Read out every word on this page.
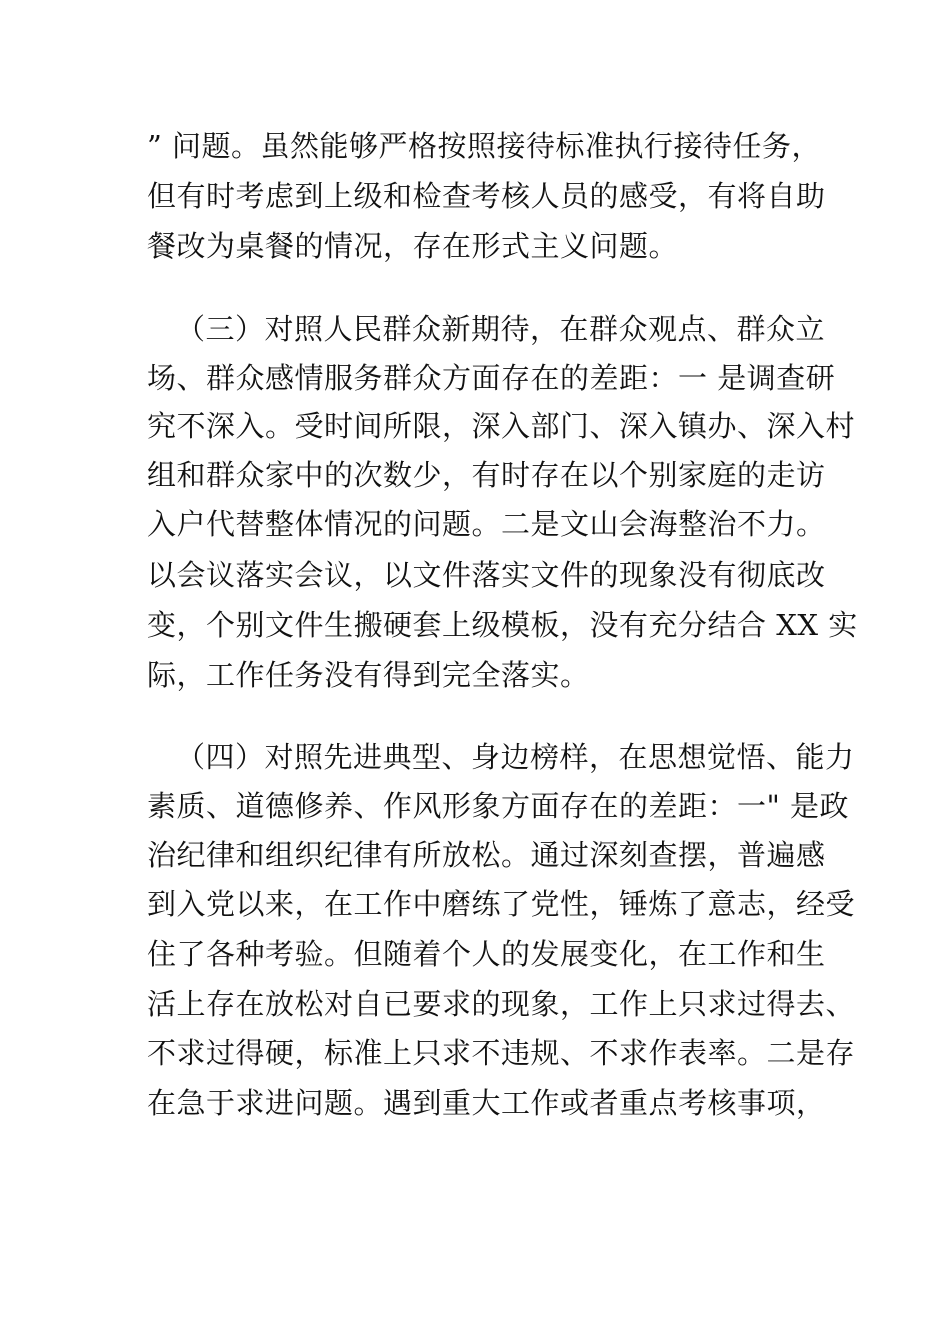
” 问题。虽然能够严格按照接待标准执行接待任务，
但有时考虑到上级和检查考核人员的感受，有将自助
餐改为桌餐的情况，存在形式主义问题。
（三）对照人民群众新期待，在群众观点、群众立
场、群众感情服务群众方面存在的差距：一 是调查研
究不深入。受时间所限，深入部门、深入镇办、深入村
组和群众家中的次数少，有时存在以个别家庭的走访
入户代替整体情况的问题。二是文山会海整治不力。
以会议落实会议，以文件落实文件的现象没有彻底改
变，个别文件生搬硬套上级模板，没有充分结合 XX 实
际，工作任务没有得到完全落实。
（四）对照先进典型、身边榜样，在思想觉悟、能力
素质、道德修养、作风形象方面存在的差距：一" 是政
治纪律和组织纪律有所放松。通过深刻查摆，普遍感
到入党以来，在工作中磨练了党性，锤炼了意志，经受
住了各种考验。但随着个人的发展变化，在工作和生
活上存在放松对自已要求的现象，工作上只求过得去、
不求过得硬，标准上只求不违规、不求作表率。二是存
在急于求进问题。遇到重大工作或者重点考核事项，
